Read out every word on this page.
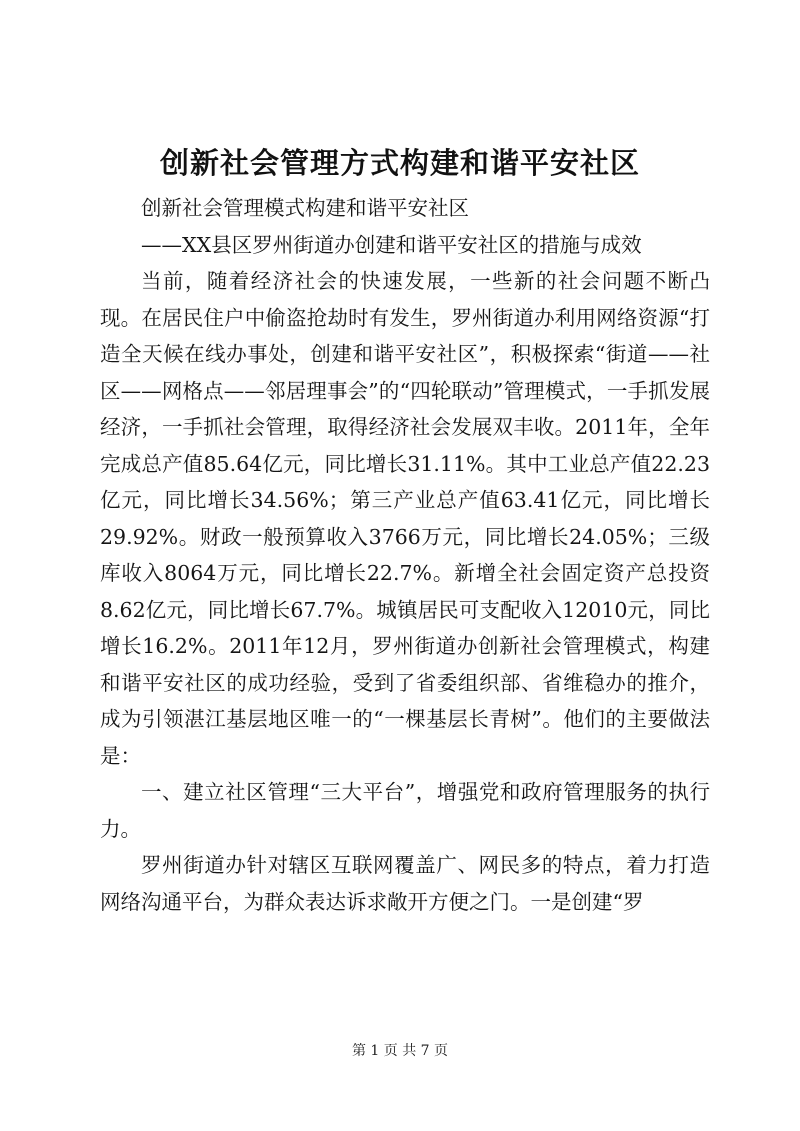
创新社会管理方式构建和谐平安社区

创新社会管理模式构建和谐平安社区

——XX县区罗州街道办创建和谐平安社区的措施与成效

当前，随着经济社会的快速发展，一些新的社会问题不断凸现。在居民住户中偷盗抢劫时有发生，罗州街道办利用网络资源“打造全天候在线办事处，创建和谐平安社区”，积极探索“街道——社区——网格点——邻居理事会”的“四轮联动”管理模式，一手抓发展经济，一手抓社会管理，取得经济社会发展双丰收。2011年，全年完成总产值85.64亿元，同比增长31.11%。其中工业总产值22.23亿元，同比增长34.56%；第三产业总产值63.41亿元，同比增长29.92%。财政一般预算收入3766万元，同比增长24.05%；三级库收入8064万元，同比增长22.7%。新增全社会固定资产总投资8.62亿元，同比增长67.7%。城镇居民可支配收入12010元，同比增长16.2%。2011年12月，罗州街道办创新社会管理模式，构建和谐平安社区的成功经验，受到了省委组织部、省维稳办的推介，成为引领湛江基层地区唯一的“一棵基层长青树”。他们的主要做法是：

一、建立社区管理“三大平台”，增强党和政府管理服务的执行力。

罗州街道办针对辖区互联网覆盖广、网民多的特点，着力打造网络沟通平台，为群众表达诉求敞开方便之门。一是创建“罗

第 1 页 共 7 页
